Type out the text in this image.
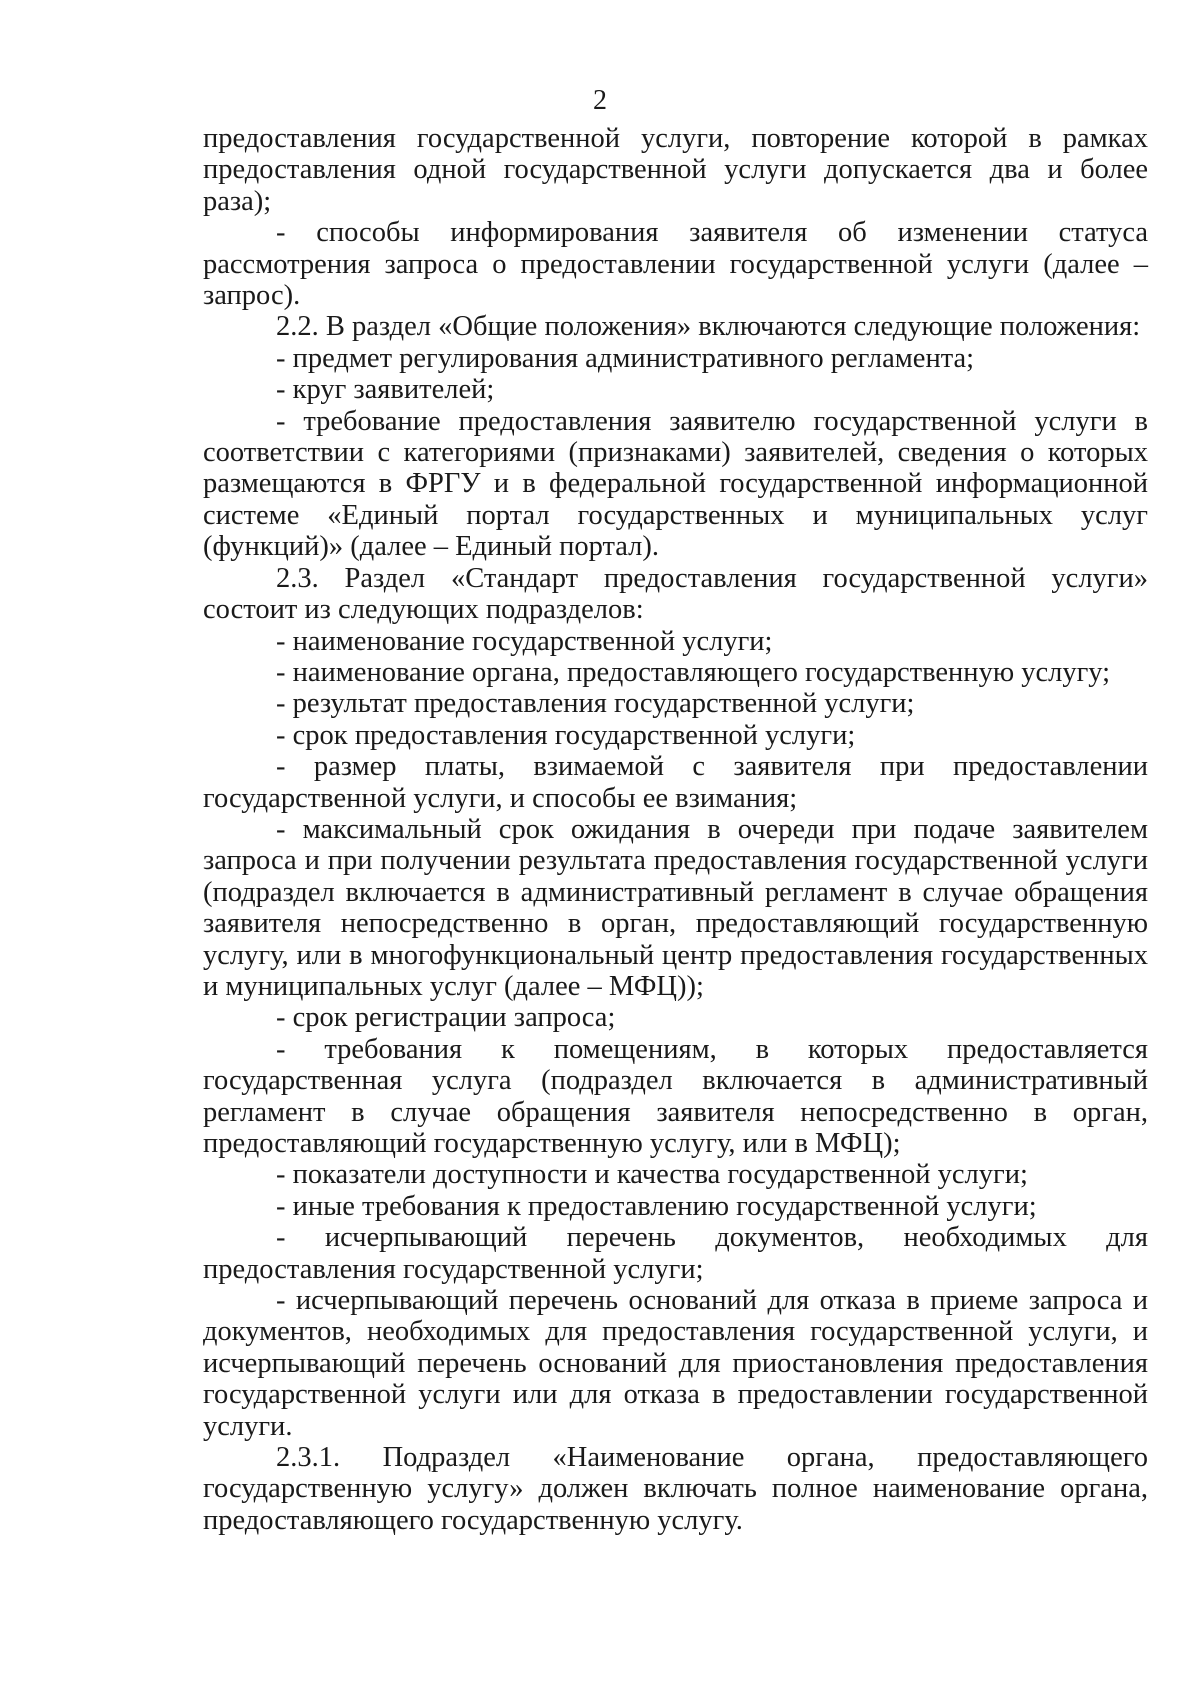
2

предоставления государственной услуги, повторение которой в рамках предоставления одной государственной услуги допускается два и более раза);

- способы информирования заявителя об изменении статуса рассмотрения запроса о предоставлении государственной услуги (далее – запрос).

2.2. В раздел «Общие положения» включаются следующие положения:

- предмет регулирования административного регламента;

- круг заявителей;

- требование предоставления заявителю государственной услуги в соответствии с категориями (признаками) заявителей, сведения о которых размещаются в ФРГУ и в федеральной государственной информационной системе «Единый портал государственных и муниципальных услуг (функций)» (далее – Единый портал).

2.3. Раздел «Стандарт предоставления государственной услуги» состоит из следующих подразделов:

- наименование государственной услуги;

- наименование органа, предоставляющего государственную услугу;

- результат предоставления государственной услуги;

- срок предоставления государственной услуги;

- размер платы, взимаемой с заявителя при предоставлении государственной услуги, и способы ее взимания;

- максимальный срок ожидания в очереди при подаче заявителем запроса и при получении результата предоставления государственной услуги (подраздел включается в административный регламент в случае обращения заявителя непосредственно в орган, предоставляющий государственную услугу, или в многофункциональный центр предоставления государственных и муниципальных услуг (далее – МФЦ));

- срок регистрации запроса;

- требования к помещениям, в которых предоставляется государственная услуга (подраздел включается в административный регламент в случае обращения заявителя непосредственно в орган, предоставляющий государственную услугу, или в МФЦ);

- показатели доступности и качества государственной услуги;

- иные требования к предоставлению государственной услуги;

- исчерпывающий перечень документов, необходимых для предоставления государственной услуги;

- исчерпывающий перечень оснований для отказа в приеме запроса и документов, необходимых для предоставления государственной услуги, и исчерпывающий перечень оснований для приостановления предоставления государственной услуги или для отказа в предоставлении государственной услуги.

2.3.1. Подраздел «Наименование органа, предоставляющего государственную услугу» должен включать полное наименование органа, предоставляющего государственную услугу.
